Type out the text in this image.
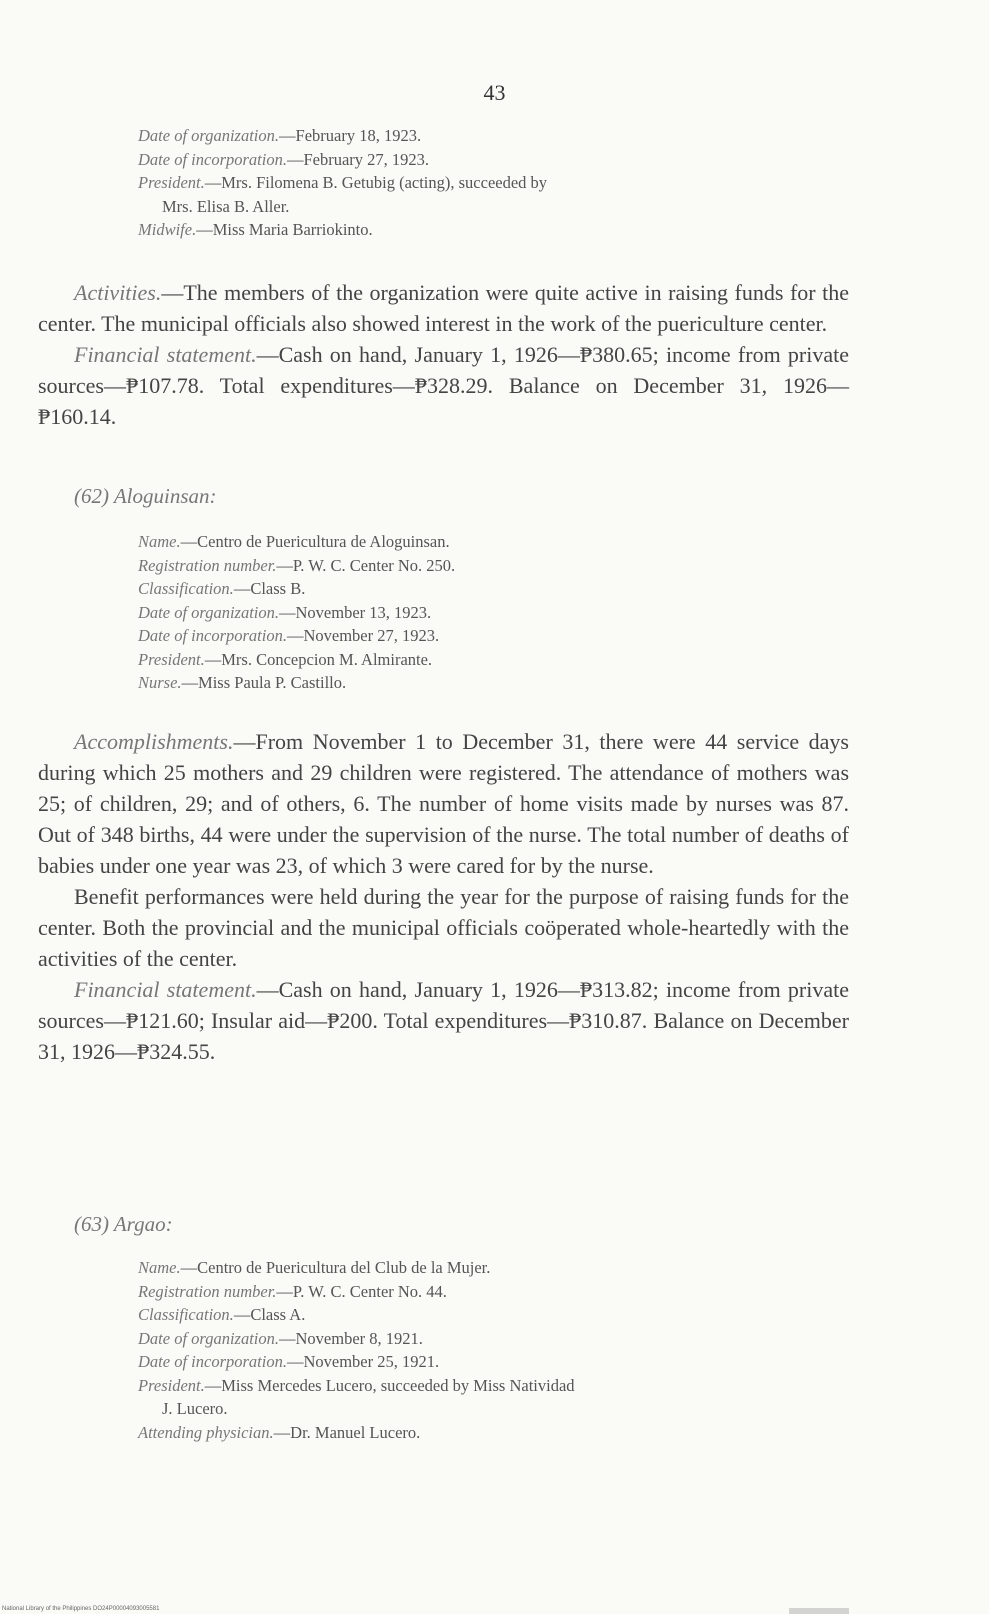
43
Date of organization.—February 18, 1923.
Date of incorporation.—February 27, 1923.
President.—Mrs. Filomena B. Getubig (acting), succeeded by
Mrs. Elisa B. Aller.
Midwife.—Miss Maria Barriokinto.

Activities.—The members of the organization were quite active in raising funds for the center. The municipal officials also showed interest in the work of the puericulture center.

Financial statement.—Cash on hand, January 1, 1926—₱380.65; income from private sources—₱107.78. Total expenditures—₱328.29. Balance on December 31, 1926—₱160.14.

(62) Aloguinsan:
Name.—Centro de Puericultura de Aloguinsan.
Registration number.—P. W. C. Center No. 250.
Classification.—Class B.
Date of organization.—November 13, 1923.
Date of incorporation.—November 27, 1923.
President.—Mrs. Concepcion M. Almirante.
Nurse.—Miss Paula P. Castillo.

Accomplishments.—From November 1 to December 31, there were 44 service days during which 25 mothers and 29 children were registered. The attendance of mothers was 25; of children, 29; and of others, 6. The number of home visits made by nurses was 87. Out of 348 births, 44 were under the supervision of the nurse. The total number of deaths of babies under one year was 23, of which 3 were cared for by the nurse.

Benefit performances were held during the year for the purpose of raising funds for the center. Both the provincial and the municipal officials coöperated whole-heartedly with the activities of the center.

Financial statement.—Cash on hand, January 1, 1926—₱313.82; income from private sources—₱121.60; Insular aid—₱200. Total expenditures—₱310.87. Balance on December 31, 1926—₱324.55.

(63) Argao:
Name.—Centro de Puericultura del Club de la Mujer.
Registration number.—P. W. C. Center No. 44.
Classification.—Class A.
Date of organization.—November 8, 1921.
Date of incorporation.—November 25, 1921.
President.—Miss Mercedes Lucero, succeeded by Miss Natividad
J. Lucero.
Attending physician.—Dr. Manuel Lucero.
National Library of the Philippines DO24P00004093005581
